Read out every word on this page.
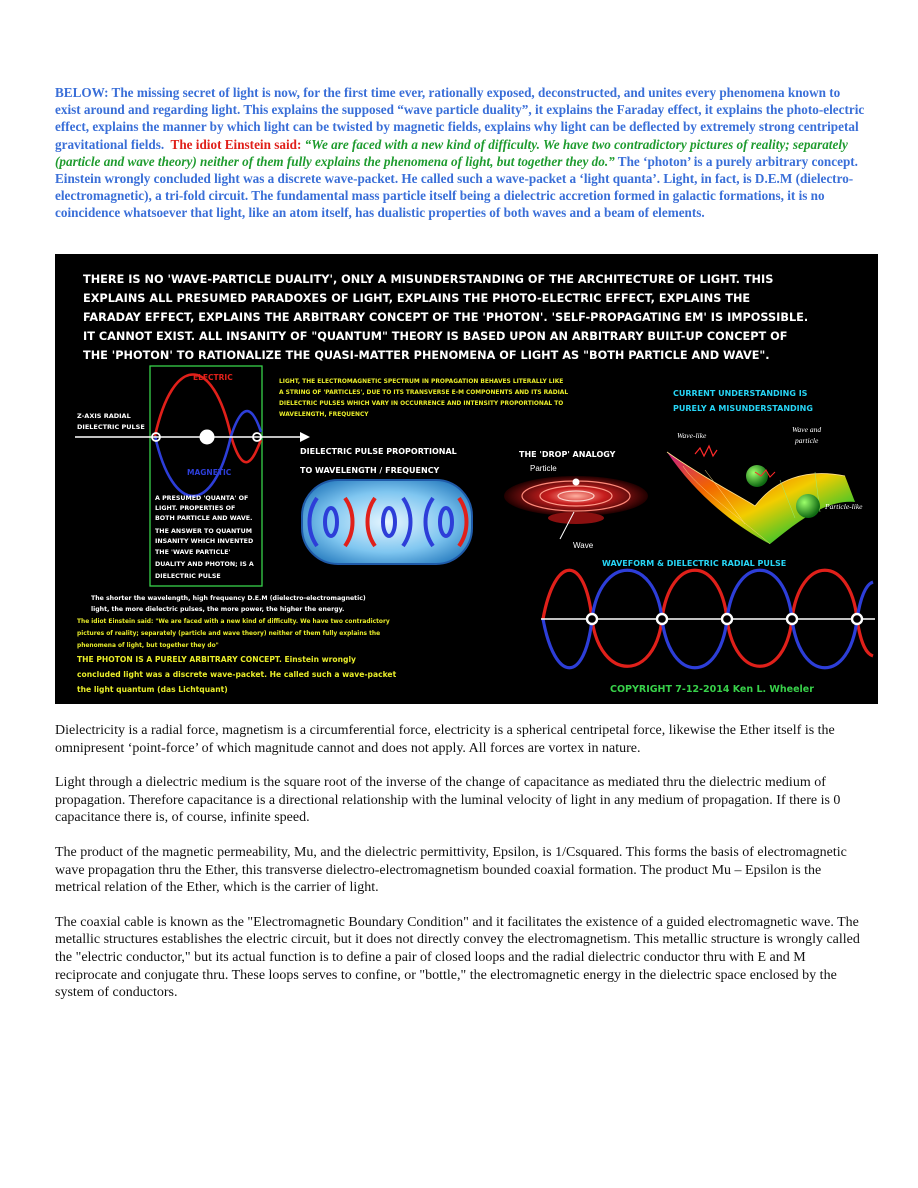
BELOW: The missing secret of light is now, for the first time ever, rationally exposed, deconstructed, and unites every phenomena known to exist around and regarding light. This explains the supposed “wave particle duality”, it explains the Faraday effect, it explains the photo-electric effect, explains the manner by which light can be twisted by magnetic fields, explains why light can be deflected by extremely strong centripetal gravitational fields. The idiot Einstein said: “We are faced with a new kind of difficulty. We have two contradictory pictures of reality; separately (particle and wave theory) neither of them fully explains the phenomena of light, but together they do.” The ‘photon’ is a purely arbitrary concept. Einstein wrongly concluded light was a discrete wave-packet. He called such a wave-packet a ‘light quanta’. Light, in fact, is D.E.M (dielectro-electromagnetic), a tri-fold circuit. The fundamental mass particle itself being a dielectric accretion formed in galactic formations, it is no coincidence whatsoever that light, like an atom itself, has dualistic properties of both waves and a beam of elements.

THERE IS NO 'WAVE-PARTICLE DUALITY', ONLY A MISUNDERSTANDING OF THE ARCHITECTURE OF LIGHT. THIS
EXPLAINS ALL PRESUMED PARADOXES OF LIGHT, EXPLAINS THE PHOTO-ELECTRIC EFFECT, EXPLAINS THE
FARADAY EFFECT, EXPLAINS THE ARBITRARY CONCEPT OF THE 'PHOTON'. 'SELF-PROPAGATING EM' IS IMPOSSIBLE.
IT CANNOT EXIST. ALL INSANITY OF "QUANTUM" THEORY IS BASED UPON AN ARBITRARY BUILT-UP CONCEPT OF
THE 'PHOTON' TO RATIONALIZE THE QUASI-MATTER PHENOMENA OF LIGHT AS "BOTH PARTICLE AND WAVE".
ELECTRIC
MAGNETIC
Z-AXIS RADIAL
DIELECTRIC PULSE
A PRESUMED 'QUANTA' OF
LIGHT. PROPERTIES OF
BOTH PARTICLE AND WAVE.
THE ANSWER TO QUANTUM
INSANITY WHICH INVENTED
THE 'WAVE PARTICLE'
DUALITY AND PHOTON; IS A
DIELECTRIC PULSE
LIGHT, THE ELECTROMAGNETIC SPECTRUM IN PROPAGATION BEHAVES LITERALLY LIKE
A STRING OF 'PARTICLES', DUE TO ITS TRANSVERSE E-M COMPONENTS AND ITS RADIAL
DIELECTRIC PULSES WHICH VARY IN OCCURRENCE AND INTENSITY PROPORTIONAL TO
WAVELENGTH, FREQUENCY
DIELECTRIC PULSE PROPORTIONAL
TO WAVELENGTH / FREQUENCY
THE 'DROP' ANALOGY
Particle
Wave
CURRENT UNDERSTANDING IS
PURELY A MISUNDERSTANDING
Wave-like
Wave and
particle
Particle-like
WAVEFORM & DIELECTRIC RADIAL PULSE
The shorter the wavelength, high frequency D.E.M (dielectro-electromagnetic)
light, the more dielectric pulses, the more power, the higher the energy.
The idiot Einstein said: "We are faced with a new kind of difficulty. We have two contradictory
pictures of reality; separately (particle and wave theory) neither of them fully explains the
phenomena of light, but together they do"
THE PHOTON IS A PURELY ARBITRARY CONCEPT. Einstein wrongly
concluded light was a discrete wave-packet. He called such a wave-packet
the light quantum (das Lichtquant)	COPYRIGHT 7-12-2014 Ken L. Wheeler

Dielectricity is a radial force, magnetism is a circumferential force, electricity is a spherical centripetal force, likewise the Ether itself is the omnipresent ‘point-force’ of which magnitude cannot and does not apply. All forces are vortex in nature.

Light through a dielectric medium is the square root of the inverse of the change of capacitance as mediated thru the dielectric medium of propagation. Therefore capacitance is a directional relationship with the luminal velocity of light in any medium of propagation. If there is 0 capacitance there is, of course, infinite speed.

The product of the magnetic permeability, Mu, and the dielectric permittivity, Epsilon, is 1/Csquared. This forms the basis of electromagnetic wave propagation thru the Ether, this transverse dielectro-electromagnetism bounded coaxial formation. The product Mu – Epsilon is the metrical relation of the Ether, which is the carrier of light.

The coaxial cable is known as the "Electromagnetic Boundary Condition" and it facilitates the existence of a guided electromagnetic wave. The metallic structures establishes the electric circuit, but it does not directly convey the electromagnetism. This metallic structure is wrongly called the "electric conductor," but its actual function is to define a pair of closed loops and the radial dielectric conductor thru with E and M reciprocate and conjugate thru. These loops serves to confine, or "bottle," the electromagnetic energy in the dielectric space enclosed by the system of conductors.
